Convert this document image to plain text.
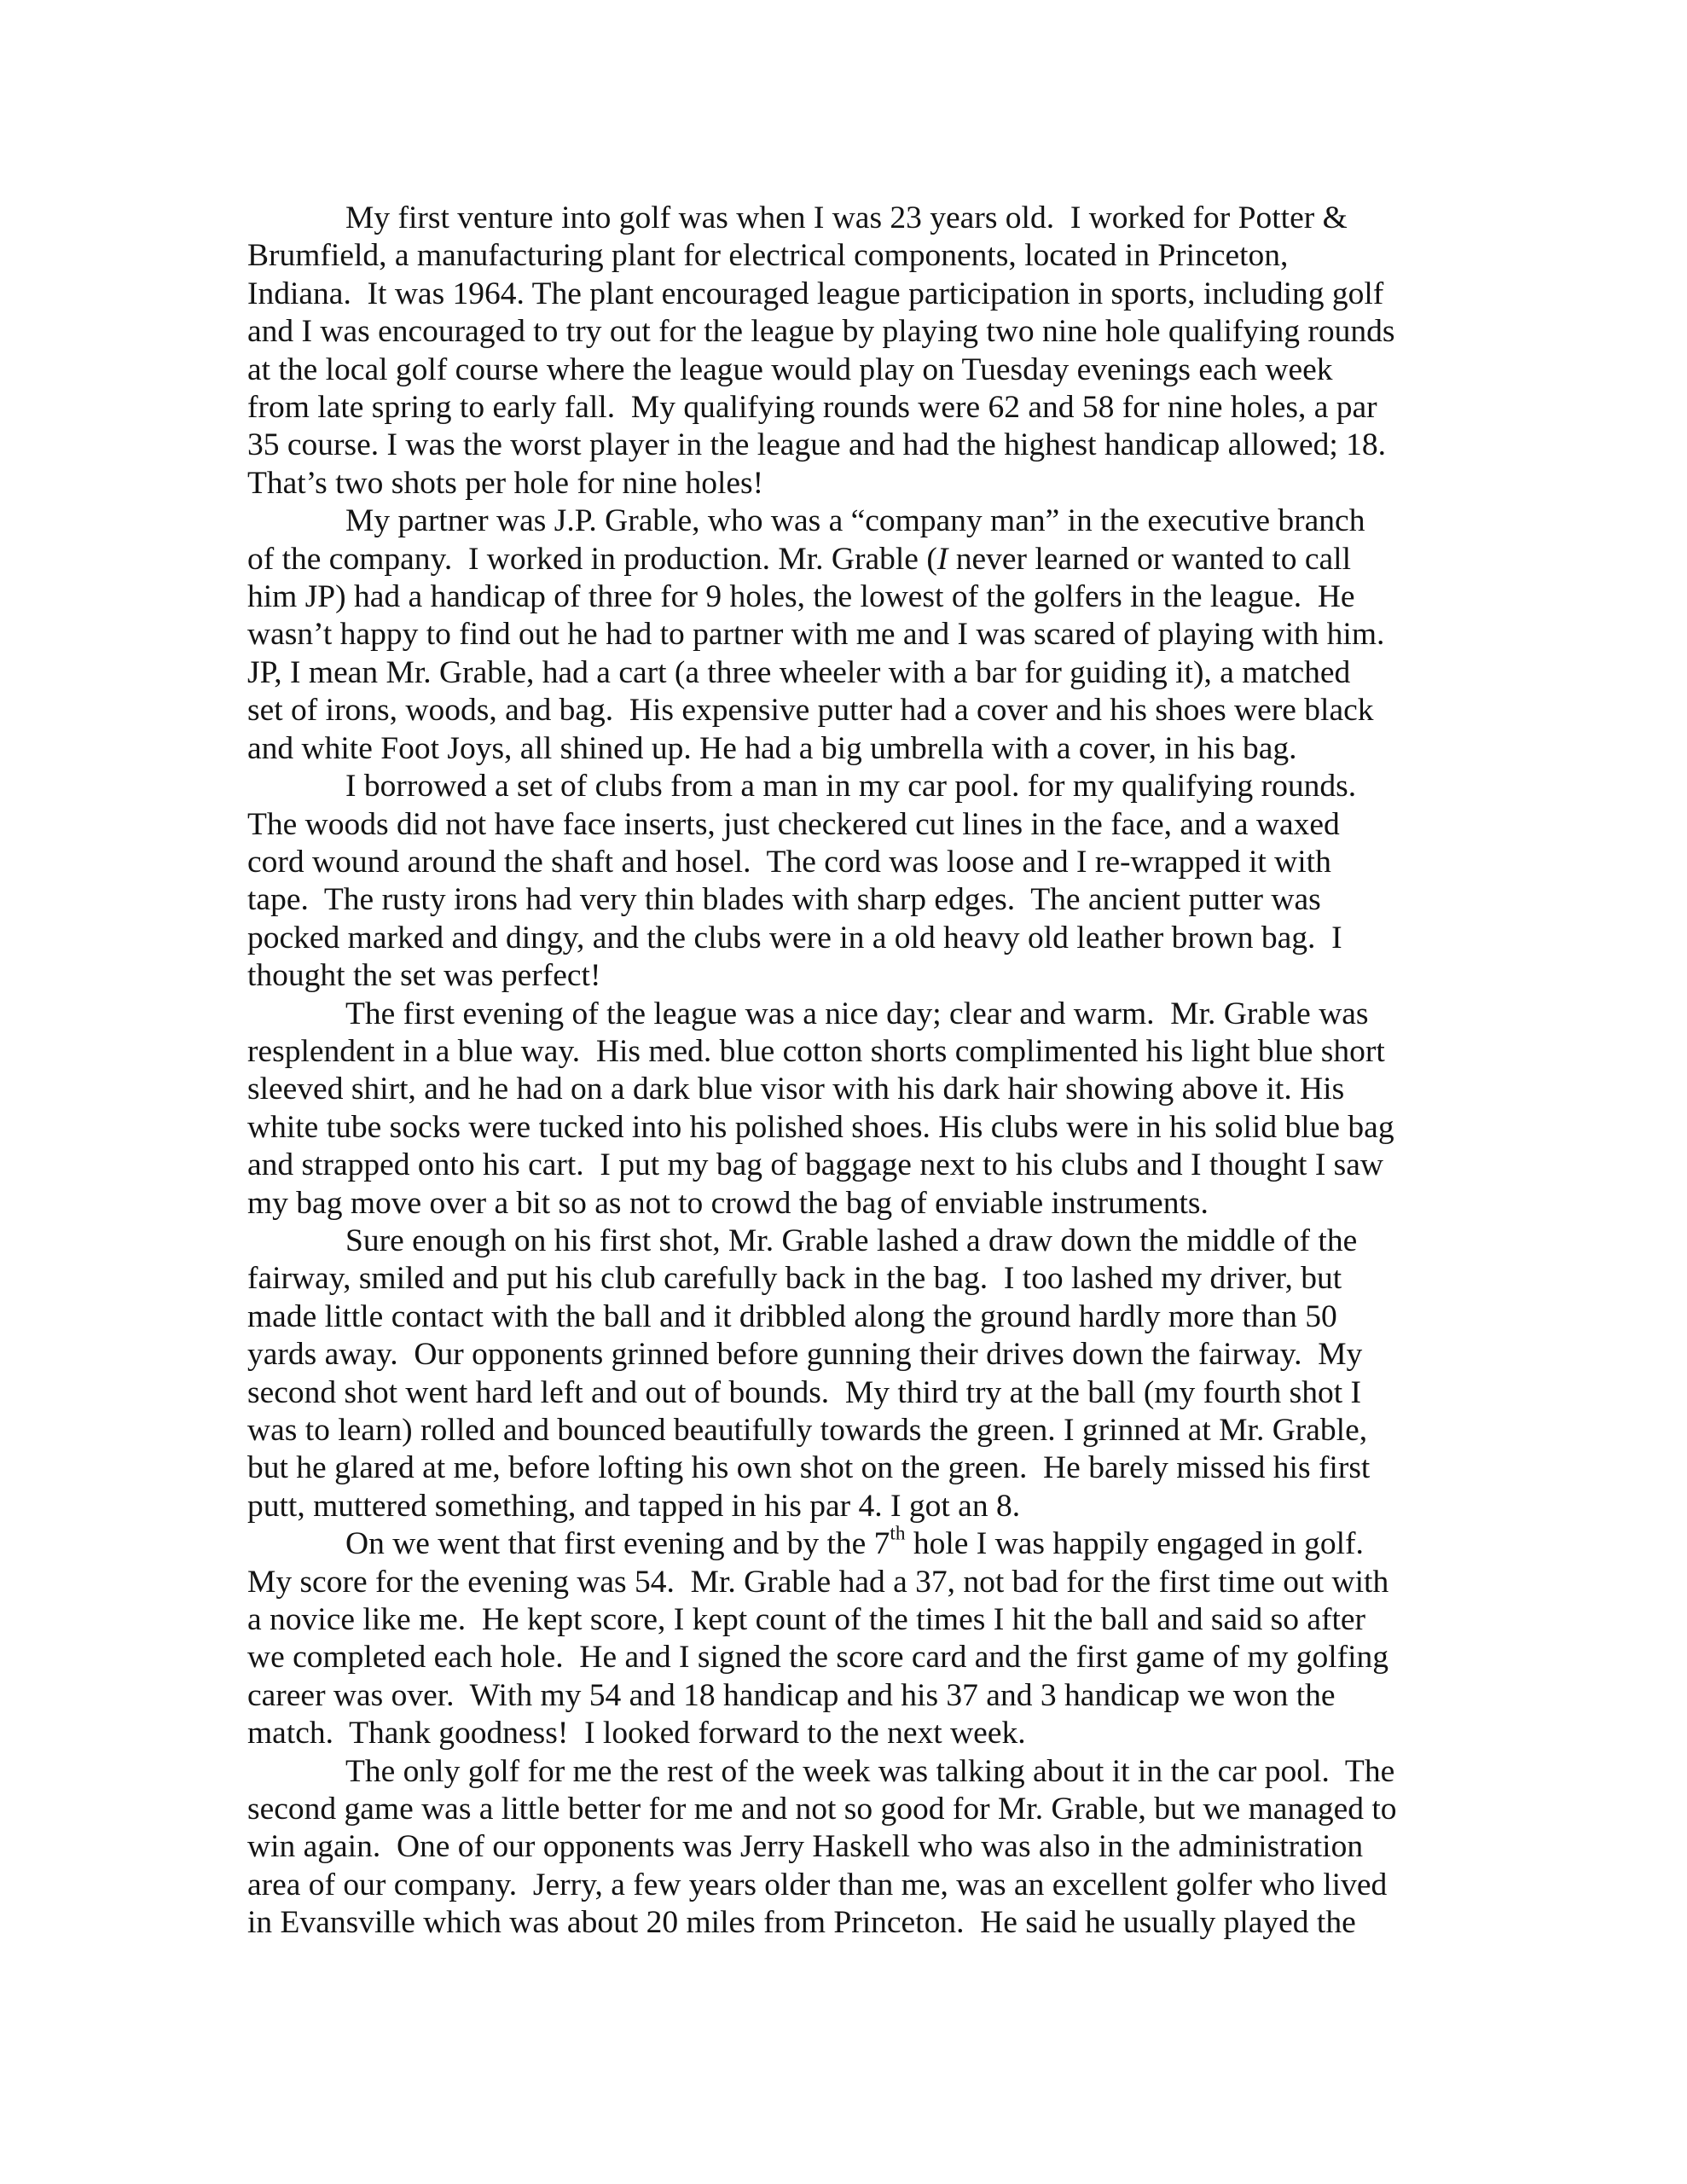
My first venture into golf was when I was 23 years old.  I worked for Potter &
Brumfield, a manufacturing plant for electrical components, located in Princeton,
Indiana.  It was 1964. The plant encouraged league participation in sports, including golf
and I was encouraged to try out for the league by playing two nine hole qualifying rounds
at the local golf course where the league would play on Tuesday evenings each week
from late spring to early fall.  My qualifying rounds were 62 and 58 for nine holes, a par
35 course. I was the worst player in the league and had the highest handicap allowed; 18.
That’s two shots per hole for nine holes!

My partner was J.P. Grable, who was a “company man” in the executive branch
of the company.  I worked in production. Mr. Grable (I never learned or wanted to call
him JP) had a handicap of three for 9 holes, the lowest of the golfers in the league.  He
wasn’t happy to find out he had to partner with me and I was scared of playing with him.
JP, I mean Mr. Grable, had a cart (a three wheeler with a bar for guiding it), a matched
set of irons, woods, and bag.  His expensive putter had a cover and his shoes were black
and white Foot Joys, all shined up. He had a big umbrella with a cover, in his bag.

I borrowed a set of clubs from a man in my car pool. for my qualifying rounds.
The woods did not have face inserts, just checkered cut lines in the face, and a waxed
cord wound around the shaft and hosel.  The cord was loose and I re-wrapped it with
tape.  The rusty irons had very thin blades with sharp edges.  The ancient putter was
pocked marked and dingy, and the clubs were in a old heavy old leather brown bag.  I
thought the set was perfect!

The first evening of the league was a nice day; clear and warm.  Mr. Grable was
resplendent in a blue way.  His med. blue cotton shorts complimented his light blue short
sleeved shirt, and he had on a dark blue visor with his dark hair showing above it. His
white tube socks were tucked into his polished shoes. His clubs were in his solid blue bag
and strapped onto his cart.  I put my bag of baggage next to his clubs and I thought I saw
my bag move over a bit so as not to crowd the bag of enviable instruments.

Sure enough on his first shot, Mr. Grable lashed a draw down the middle of the
fairway, smiled and put his club carefully back in the bag.  I too lashed my driver, but
made little contact with the ball and it dribbled along the ground hardly more than 50
yards away.  Our opponents grinned before gunning their drives down the fairway.  My
second shot went hard left and out of bounds.  My third try at the ball (my fourth shot I
was to learn) rolled and bounced beautifully towards the green. I grinned at Mr. Grable,
but he glared at me, before lofting his own shot on the green.  He barely missed his first
putt, muttered something, and tapped in his par 4. I got an 8.

On we went that first evening and by the 7th hole I was happily engaged in golf.
My score for the evening was 54.  Mr. Grable had a 37, not bad for the first time out with
a novice like me.  He kept score, I kept count of the times I hit the ball and said so after
we completed each hole.  He and I signed the score card and the first game of my golfing
career was over.  With my 54 and 18 handicap and his 37 and 3 handicap we won the
match.  Thank goodness!  I looked forward to the next week.

The only golf for me the rest of the week was talking about it in the car pool.  The
second game was a little better for me and not so good for Mr. Grable, but we managed to
win again.  One of our opponents was Jerry Haskell who was also in the administration
area of our company.  Jerry, a few years older than me, was an excellent golfer who lived
in Evansville which was about 20 miles from Princeton.  He said he usually played the
